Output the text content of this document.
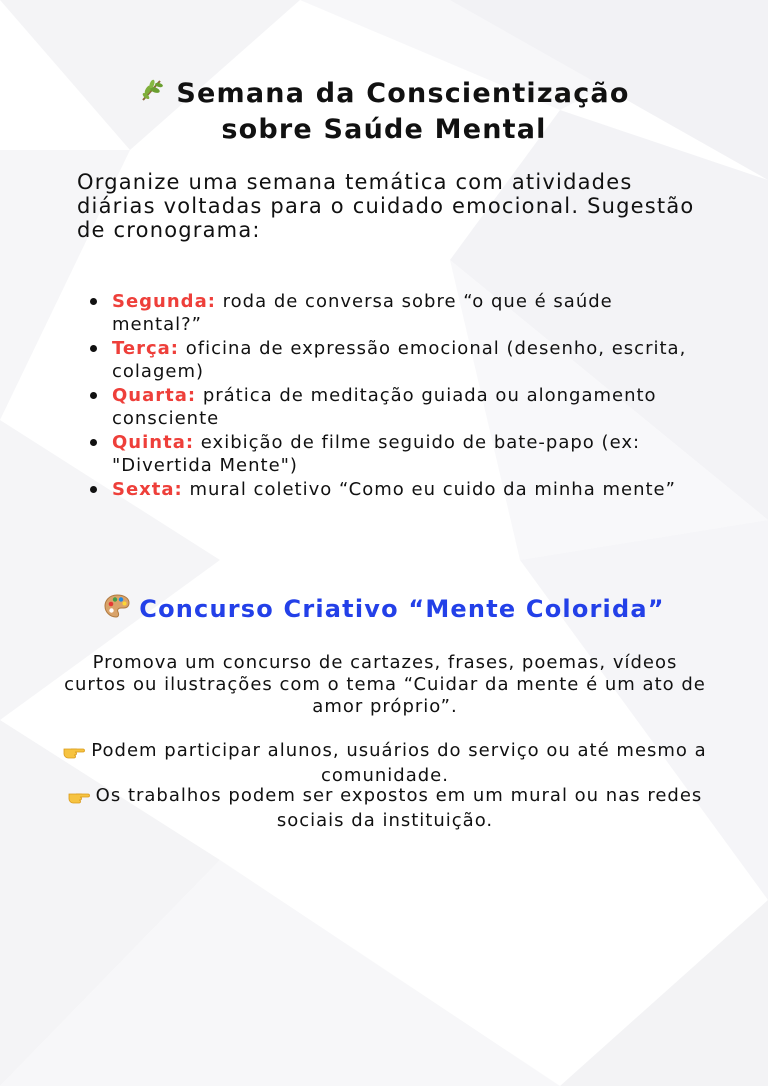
Semana da Conscientização
sobre Saúde Mental

Organize uma semana temática com atividades diárias voltadas para o cuidado emocional. Sugestão de cronograma:

Segunda: roda de conversa sobre “o que é saúde mental?”
Terça: oficina de expressão emocional (desenho, escrita, colagem)
Quarta: prática de meditação guiada ou alongamento consciente
Quinta: exibição de filme seguido de bate-papo (ex: "Divertida Mente")
Sexta: mural coletivo “Como eu cuido da minha mente”
Concurso Criativo “Mente Colorida”

Promova um concurso de cartazes, frases, poemas, vídeos curtos ou ilustrações com o tema “Cuidar da mente é um ato de amor próprio”.

Podem participar alunos, usuários do serviço ou até mesmo a comunidade.

Os trabalhos podem ser expostos em um mural ou nas redes sociais da instituição.
